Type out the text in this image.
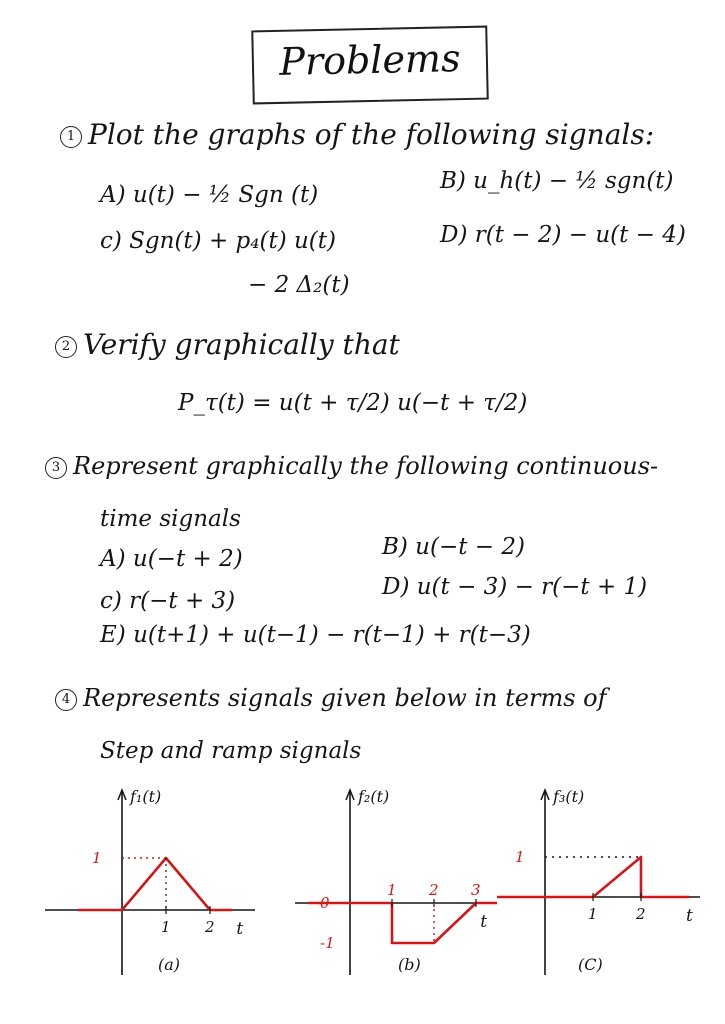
Problems
1 Plot the graphs of the following signals:
A) u(t) − ½ Sgn (t)
B) u_h(t) − ½ sgn(t)
c) Sgn(t) + p₄(t) u(t)
− 2 Δ₂(t)
D) r(t − 2) − u(t − 4)
2 Verify graphically that
P_τ(t) = u(t + τ/2) u(−t + τ/2)
3 Represent graphically the following continuous-
time signals
A) u(−t + 2)	B) u(−t − 2)
c) r(−t + 3)
D) u(t − 3) − r(−t + 1)
E) u(t+1) + u(t−1) − r(t−1) + r(t−3)
4 Represents signals given below in terms of
Step and ramp signals
f₁(t)
1 2
1
t
(a)
f₂(t)
1 2 3
0
-1
t
(b)
f₃(t)
1	2
1
t
(C)
